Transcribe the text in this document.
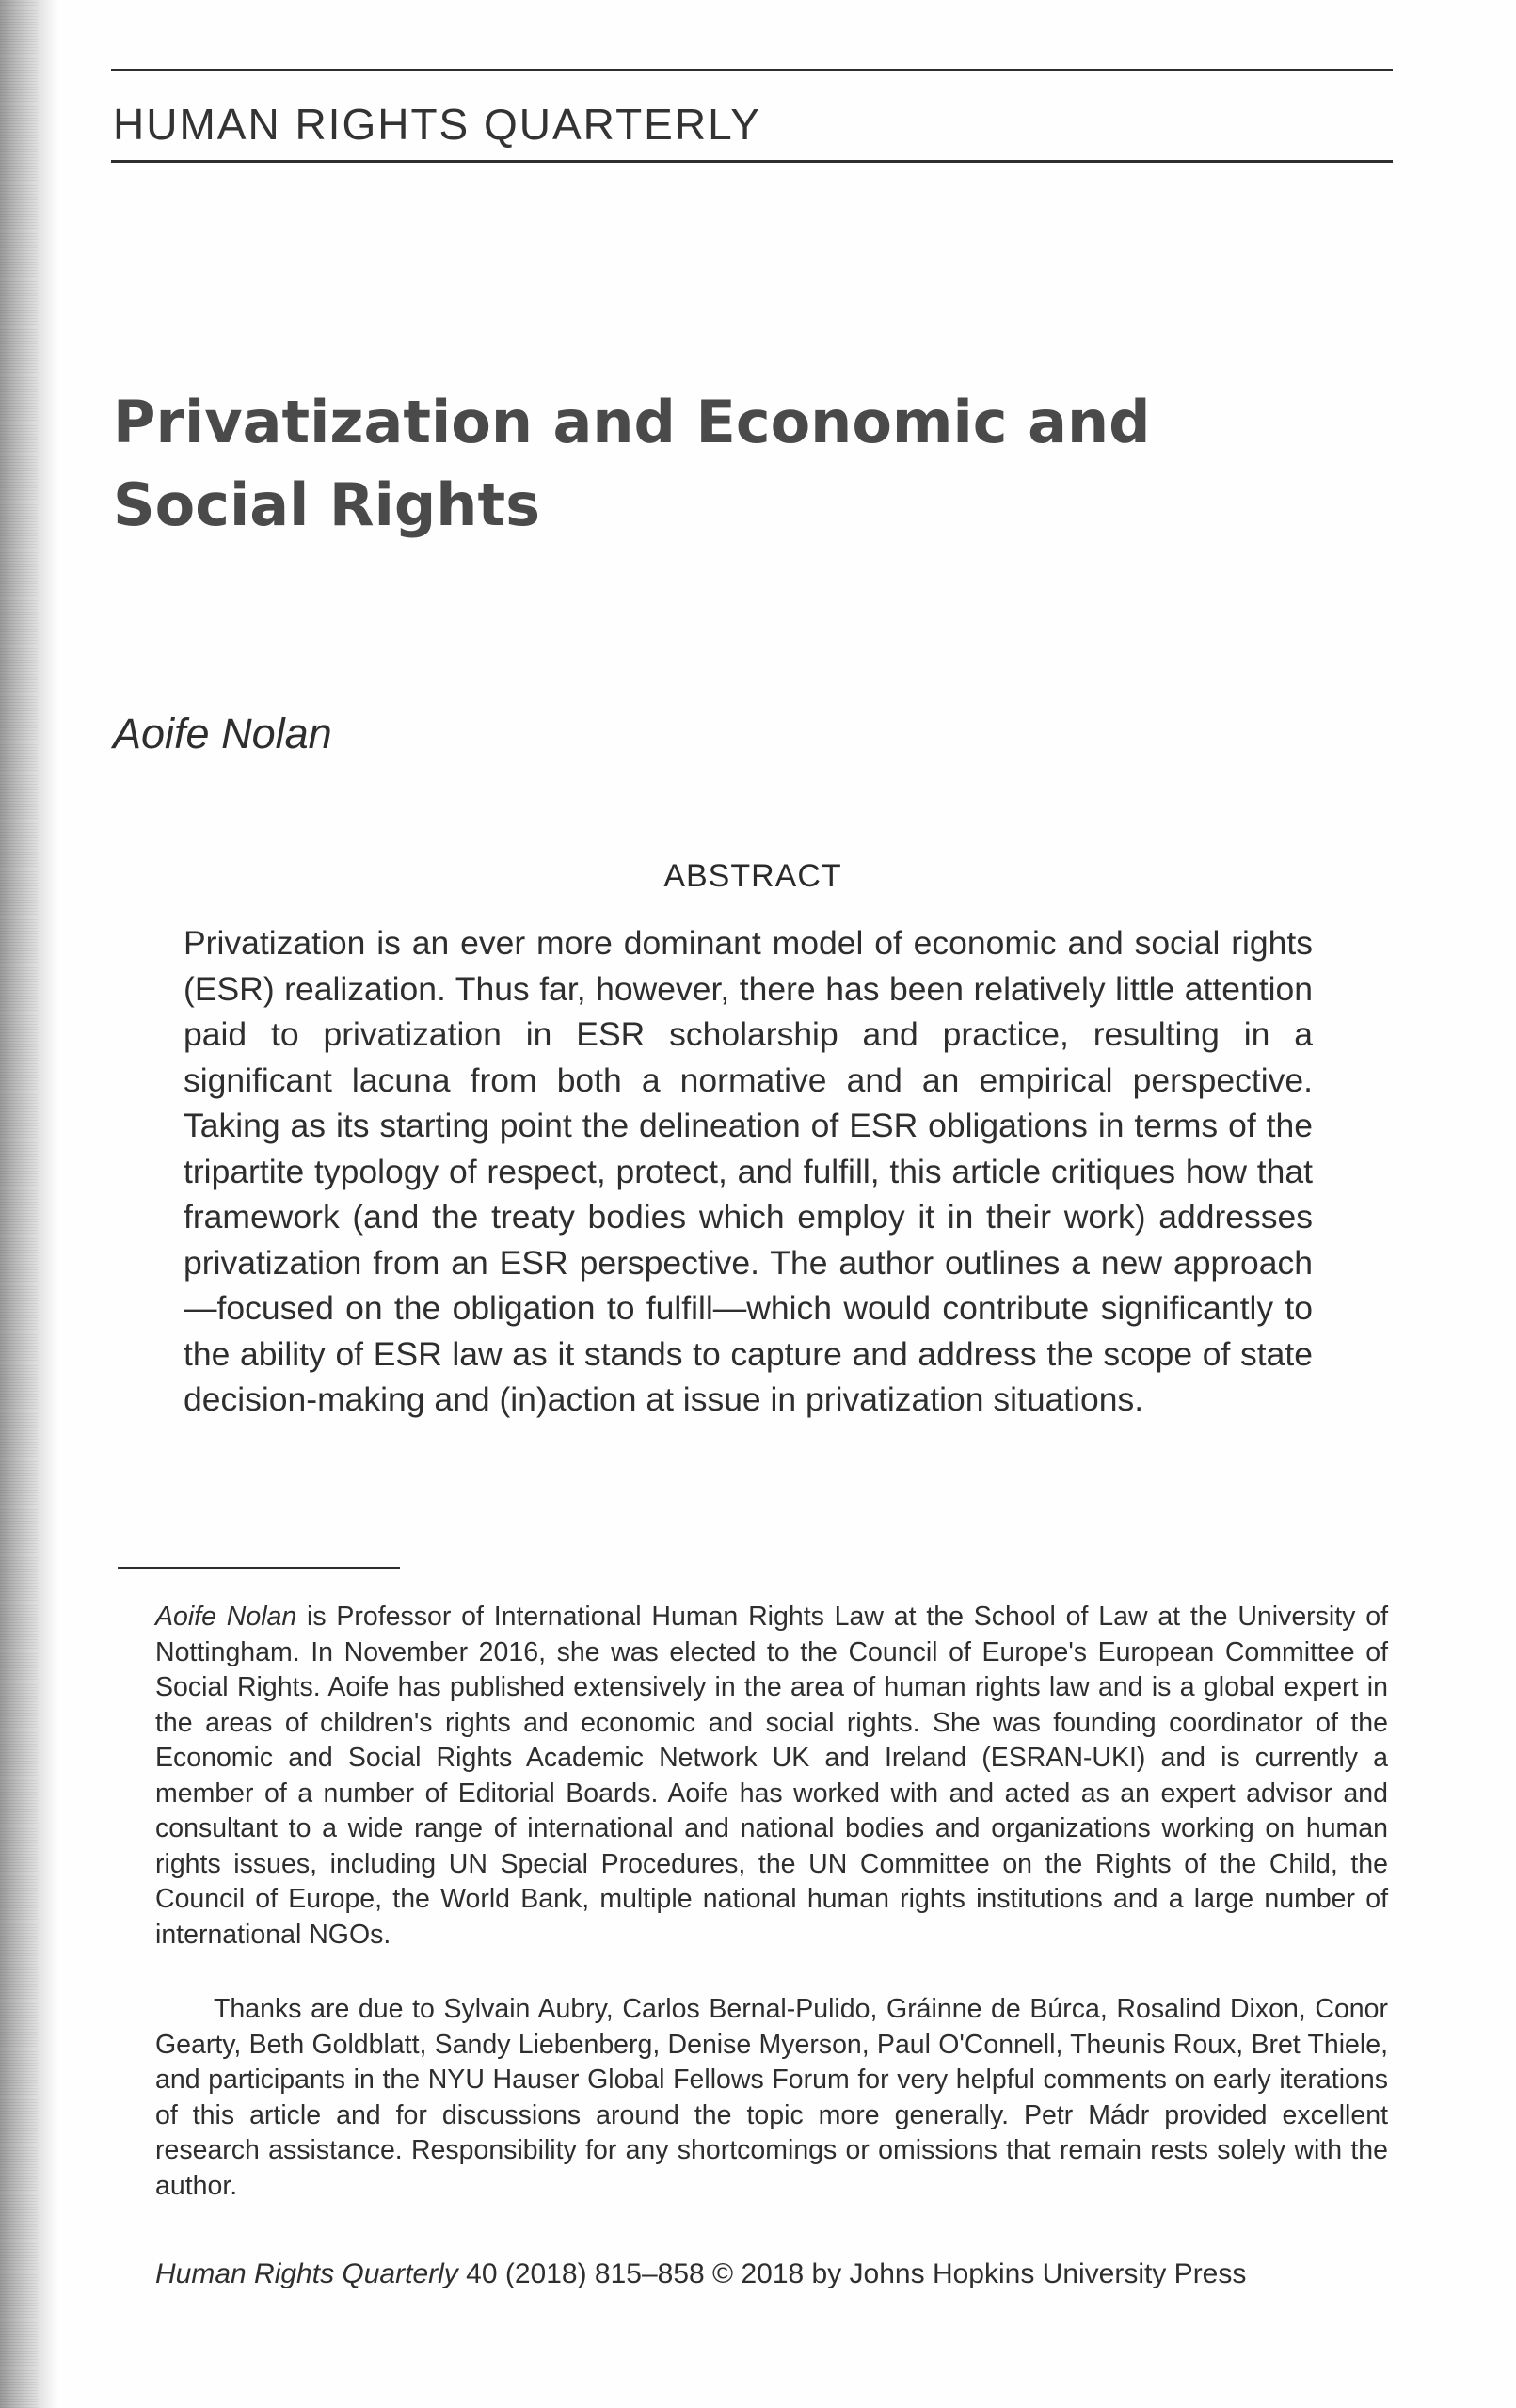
HUMAN RIGHTS QUARTERLY
Privatization and Economic and
Social Rights
Aoife Nolan
ABSTRACT

Privatization is an ever more dominant model of economic and social rights (ESR) realization. Thus far, however, there has been relatively little attention paid to privatization in ESR scholarship and practice, resulting in a significant lacuna from both a normative and an empirical perspective. Taking as its starting point the delineation of ESR obligations in terms of the tripartite typology of respect, protect, and fulfill, this article critiques how that framework (and the treaty bodies which employ it in their work) addresses privatization from an ESR perspective. The author outlines a new approach—focused on the obligation to fulfill—which would contribute significantly to the ability of ESR law as it stands to capture and address the scope of state decision-making and (in)action at issue in privatization situations.

Aoife Nolan is Professor of International Human Rights Law at the School of Law at the University of Nottingham. In November 2016, she was elected to the Council of Europe's European Committee of Social Rights. Aoife has published extensively in the area of human rights law and is a global expert in the areas of children's rights and economic and social rights. She was founding coordinator of the Economic and Social Rights Academic Network UK and Ireland (ESRAN-UKI) and is currently a member of a number of Editorial Boards. Aoife has worked with and acted as an expert advisor and consultant to a wide range of international and national bodies and organizations working on human rights issues, including UN Special Procedures, the UN Committee on the Rights of the Child, the Council of Europe, the World Bank, multiple national human rights institutions and a large number of international NGOs.

Thanks are due to Sylvain Aubry, Carlos Bernal-Pulido, Gráinne de Búrca, Rosalind Dixon, Conor Gearty, Beth Goldblatt, Sandy Liebenberg, Denise Myerson, Paul O'Connell, Theunis Roux, Bret Thiele, and participants in the NYU Hauser Global Fellows Forum for very helpful comments on early iterations of this article and for discussions around the topic more generally. Petr Mádr provided excellent research assistance. Responsibility for any shortcomings or omissions that remain rests solely with the author.

Human Rights Quarterly 40 (2018) 815–858 © 2018 by Johns Hopkins University Press
